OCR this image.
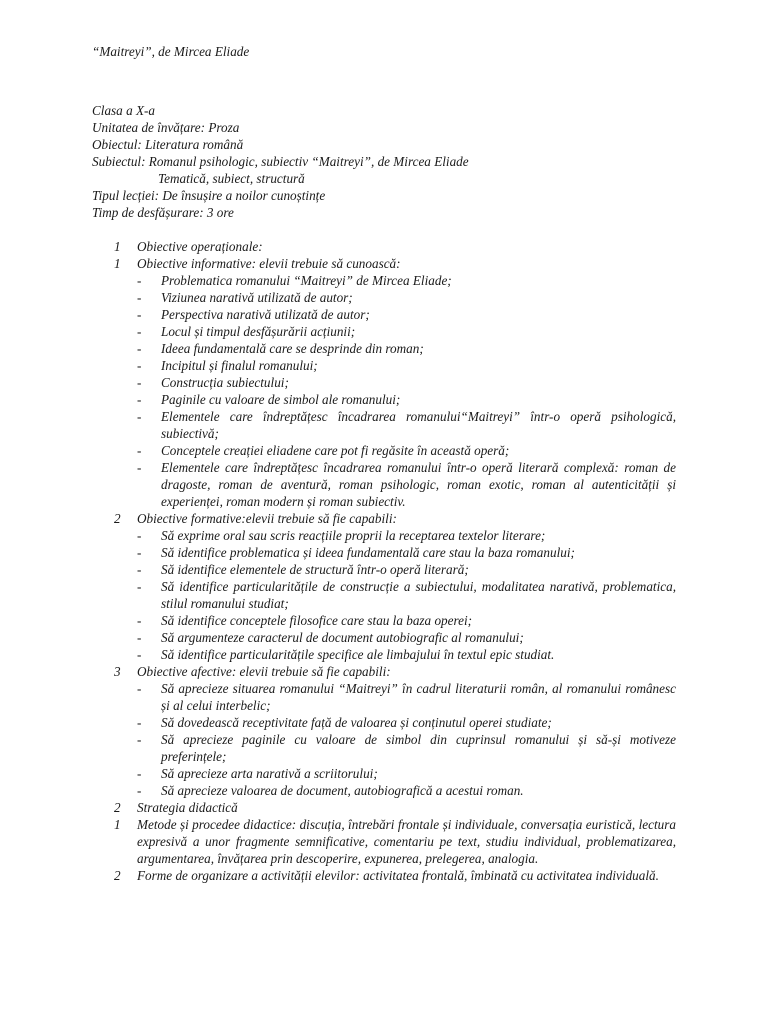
“Maitreyi”, de Mircea Eliade
Clasa a X-a
Unitatea de învățare: Proza
Obiectul: Literatura română
Subiectul: Romanul psihologic, subiectiv “Maitreyi”, de Mircea Eliade
Tematică, subiect, structură
Tipul lecției: De însușire a noilor cunoștințe
Timp de desfășurare: 3 ore
1 Obiective operaționale:
1 Obiective informative: elevii trebuie să cunoască:
- Problematica romanului “Maitreyi” de Mircea Eliade;
- Viziunea narativă utilizată de autor;
- Perspectiva narativă utilizată de autor;
- Locul și timpul desfășurării acțiunii;
- Ideea fundamentală care se desprinde din roman;
- Incipitul și finalul romanului;
- Construcția subiectului;
- Paginile cu valoare de simbol ale romanului;
- Elementele care îndreptățesc încadrarea romanului“Maitreyi” într-o operă psihologică, subiectivă;
- Conceptele creației eliadene care pot fi regăsite în această operă;
- Elementele care îndreptățesc încadrarea romanului într-o operă literară complexă: roman de dragoste, roman de aventură, roman psihologic, roman exotic, roman al autenticității și experienței, roman modern și roman subiectiv.
2 Obiective formative:elevii trebuie să fie capabili:
- Să exprime oral sau scris reacțiile proprii la receptarea textelor literare;
- Să identifice problematica și ideea fundamentală care stau la baza romanului;
- Să identifice elementele de structură într-o operă literară;
- Să identifice particularitățile de construcție a subiectului, modalitatea narativă, problematica, stilul romanului studiat;
- Să identifice conceptele filosofice care stau la baza operei;
- Să argumenteze caracterul de document autobiografic al romanului;
- Să identifice particularitățile specifice ale limbajului în textul epic studiat.
3 Obiective afective: elevii trebuie să fie capabili:
- Să aprecieze situarea romanului “Maitreyi” în cadrul literaturii român, al romanului românesc și al celui interbelic;
- Să dovedească receptivitate față de valoarea și conținutul operei studiate;
- Să aprecieze paginile cu valoare de simbol din cuprinsul romanului și să-și motiveze preferințele;
- Să aprecieze arta narativă a scriitorului;
- Să aprecieze valoarea de document, autobiografică a acestui roman.
2 Strategia didactică
1 Metode și procedee didactice: discuția, întrebări frontale și individuale, conversația euristică, lectura expresivă a unor fragmente semnificative, comentariu pe text, studiu individual, problematizarea, argumentarea, învățarea prin descoperire, expunerea, prelegerea, analogia.
2 Forme de organizare a activității elevilor: activitatea frontală, îmbinată cu activitatea individuală.
